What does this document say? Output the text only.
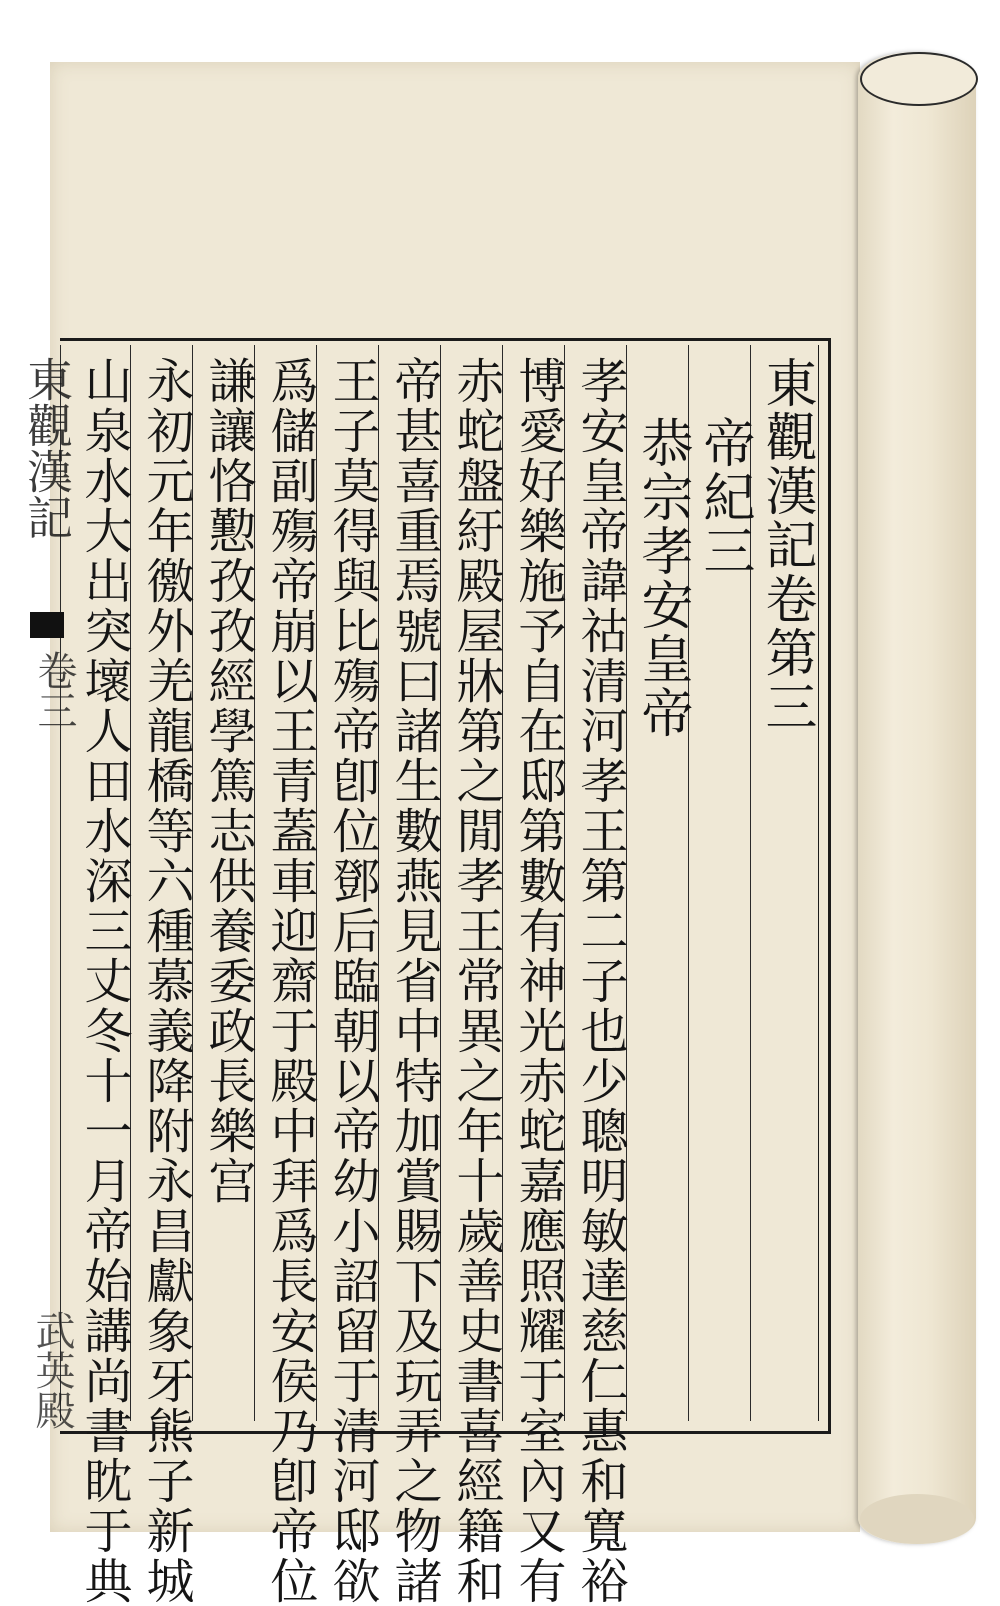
東觀漢記
卷三
武英殿
東觀漢記卷第三
帝紀三
恭宗孝安皇帝
孝安皇帝諱祜清河孝王第二子也少聰明敏達慈仁惠和寬裕
博愛好樂施予自在邸第數有神光赤蛇嘉應照耀于室內又有
赤蛇盤紆殿屋牀第之閒孝王常異之年十歲善史書喜經籍和
帝甚喜重焉號曰諸生數燕見省中特加賞賜下及玩弄之物諸
王子莫得與比殤帝卽位鄧后臨朝以帝幼小詔留于清河邸欲
爲儲副殤帝崩以王青蓋車迎齋于殿中拜爲長安侯乃卽帝位
謙讓恪懃孜孜經學篤志供養委政長樂宫
永初元年徼外羌龍橋等六種慕義降附永昌獻象牙熊子新城
山泉水大出突壞人田水深三丈冬十一月帝始講尚書眈于典
